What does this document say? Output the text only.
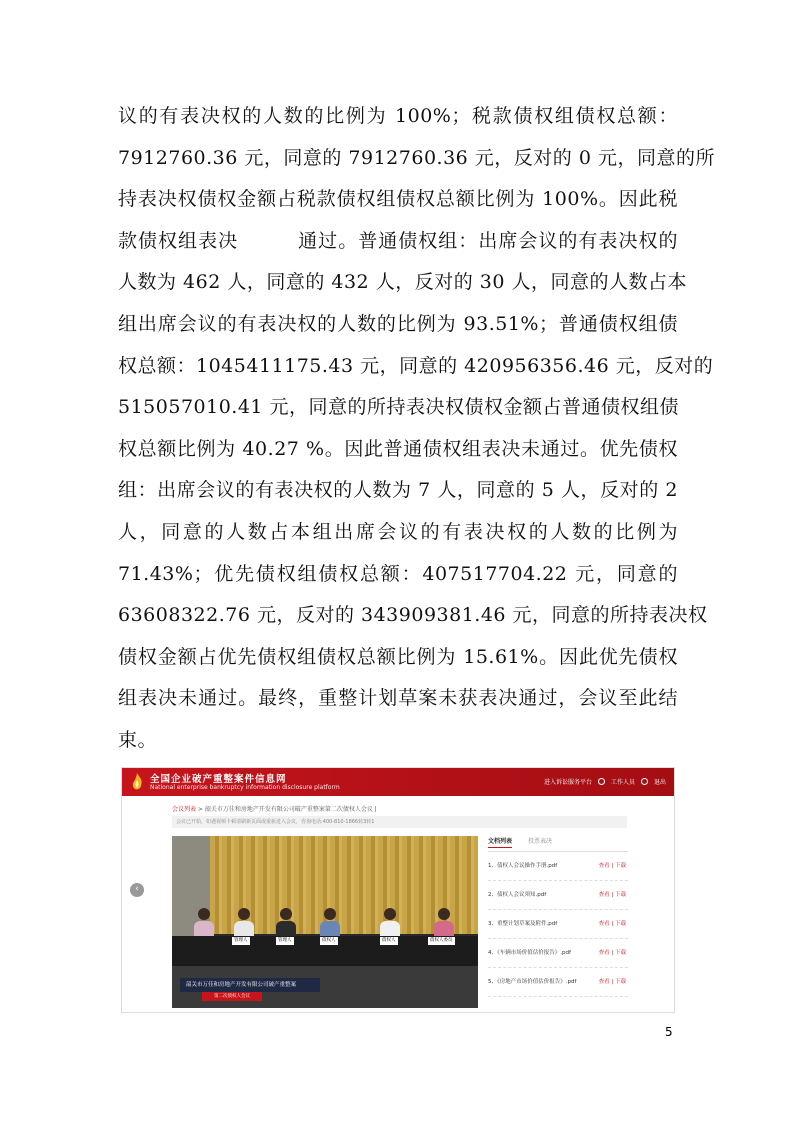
议的有表决权的人数的比例为 100%；税款债权组债权总额：
7912760.36 元，同意的 7912760.36 元，反对的 0 元，同意的所
持表决权债权金额占税款债权组债权总额比例为 100%。因此税
款债权组表决　　　通过。普通债权组：出席会议的有表决权的
人数为 462 人，同意的 432 人，反对的 30 人，同意的人数占本
组出席会议的有表决权的人数的比例为 93.51%；普通债权组债
权总额：1045411175.43 元，同意的 420956356.46 元，反对的
515057010.41 元，同意的所持表决权债权金额占普通债权组债
权总额比例为 40.27 %。因此普通债权组表决未通过。优先债权
组：出席会议的有表决权的人数为 7 人，同意的 5 人，反对的 2
人，同意的人数占本组出席会议的有表决权的人数的比例为
71.43%；优先债权组债权总额：407517704.22 元，同意的
63608322.76 元，反对的 343909381.46 元，同意的所持表决权
债权金额占优先债权组债权总额比例为 15.61%。因此优先债权
组表决未通过。最终，重整计划草案未获表决通过，会议至此结
束。
全国企业破产重整案件信息网
National enterprise bankruptcy information disclosure platform
进入诉讼服务平台	工作人员	退出
会议列表 > 韶关市万佳和房地产开发有限公司破产重整案第二次债权人会议 |
会议已开始，如遇视频卡顿请刷新页面或重新进入会议，咨询电话:400-810-1866转3转1
‹
管理人	管理人	债权人	债权人	债权人委员
韶关市万佳和房地产开发有限公司破产重整案
第二次债权人会议
文档列表	投票表决
1、债权人会议操作手册.pdf	查看 | 下载
2、债权人会议须知.pdf	查看 | 下载
3、重整计划草案及附件.pdf	查看 | 下载
4、《车辆市场价值估价报告》.pdf	查看 | 下载
5、《房地产市场价值估价报告》.pdf	查看 | 下载
5
